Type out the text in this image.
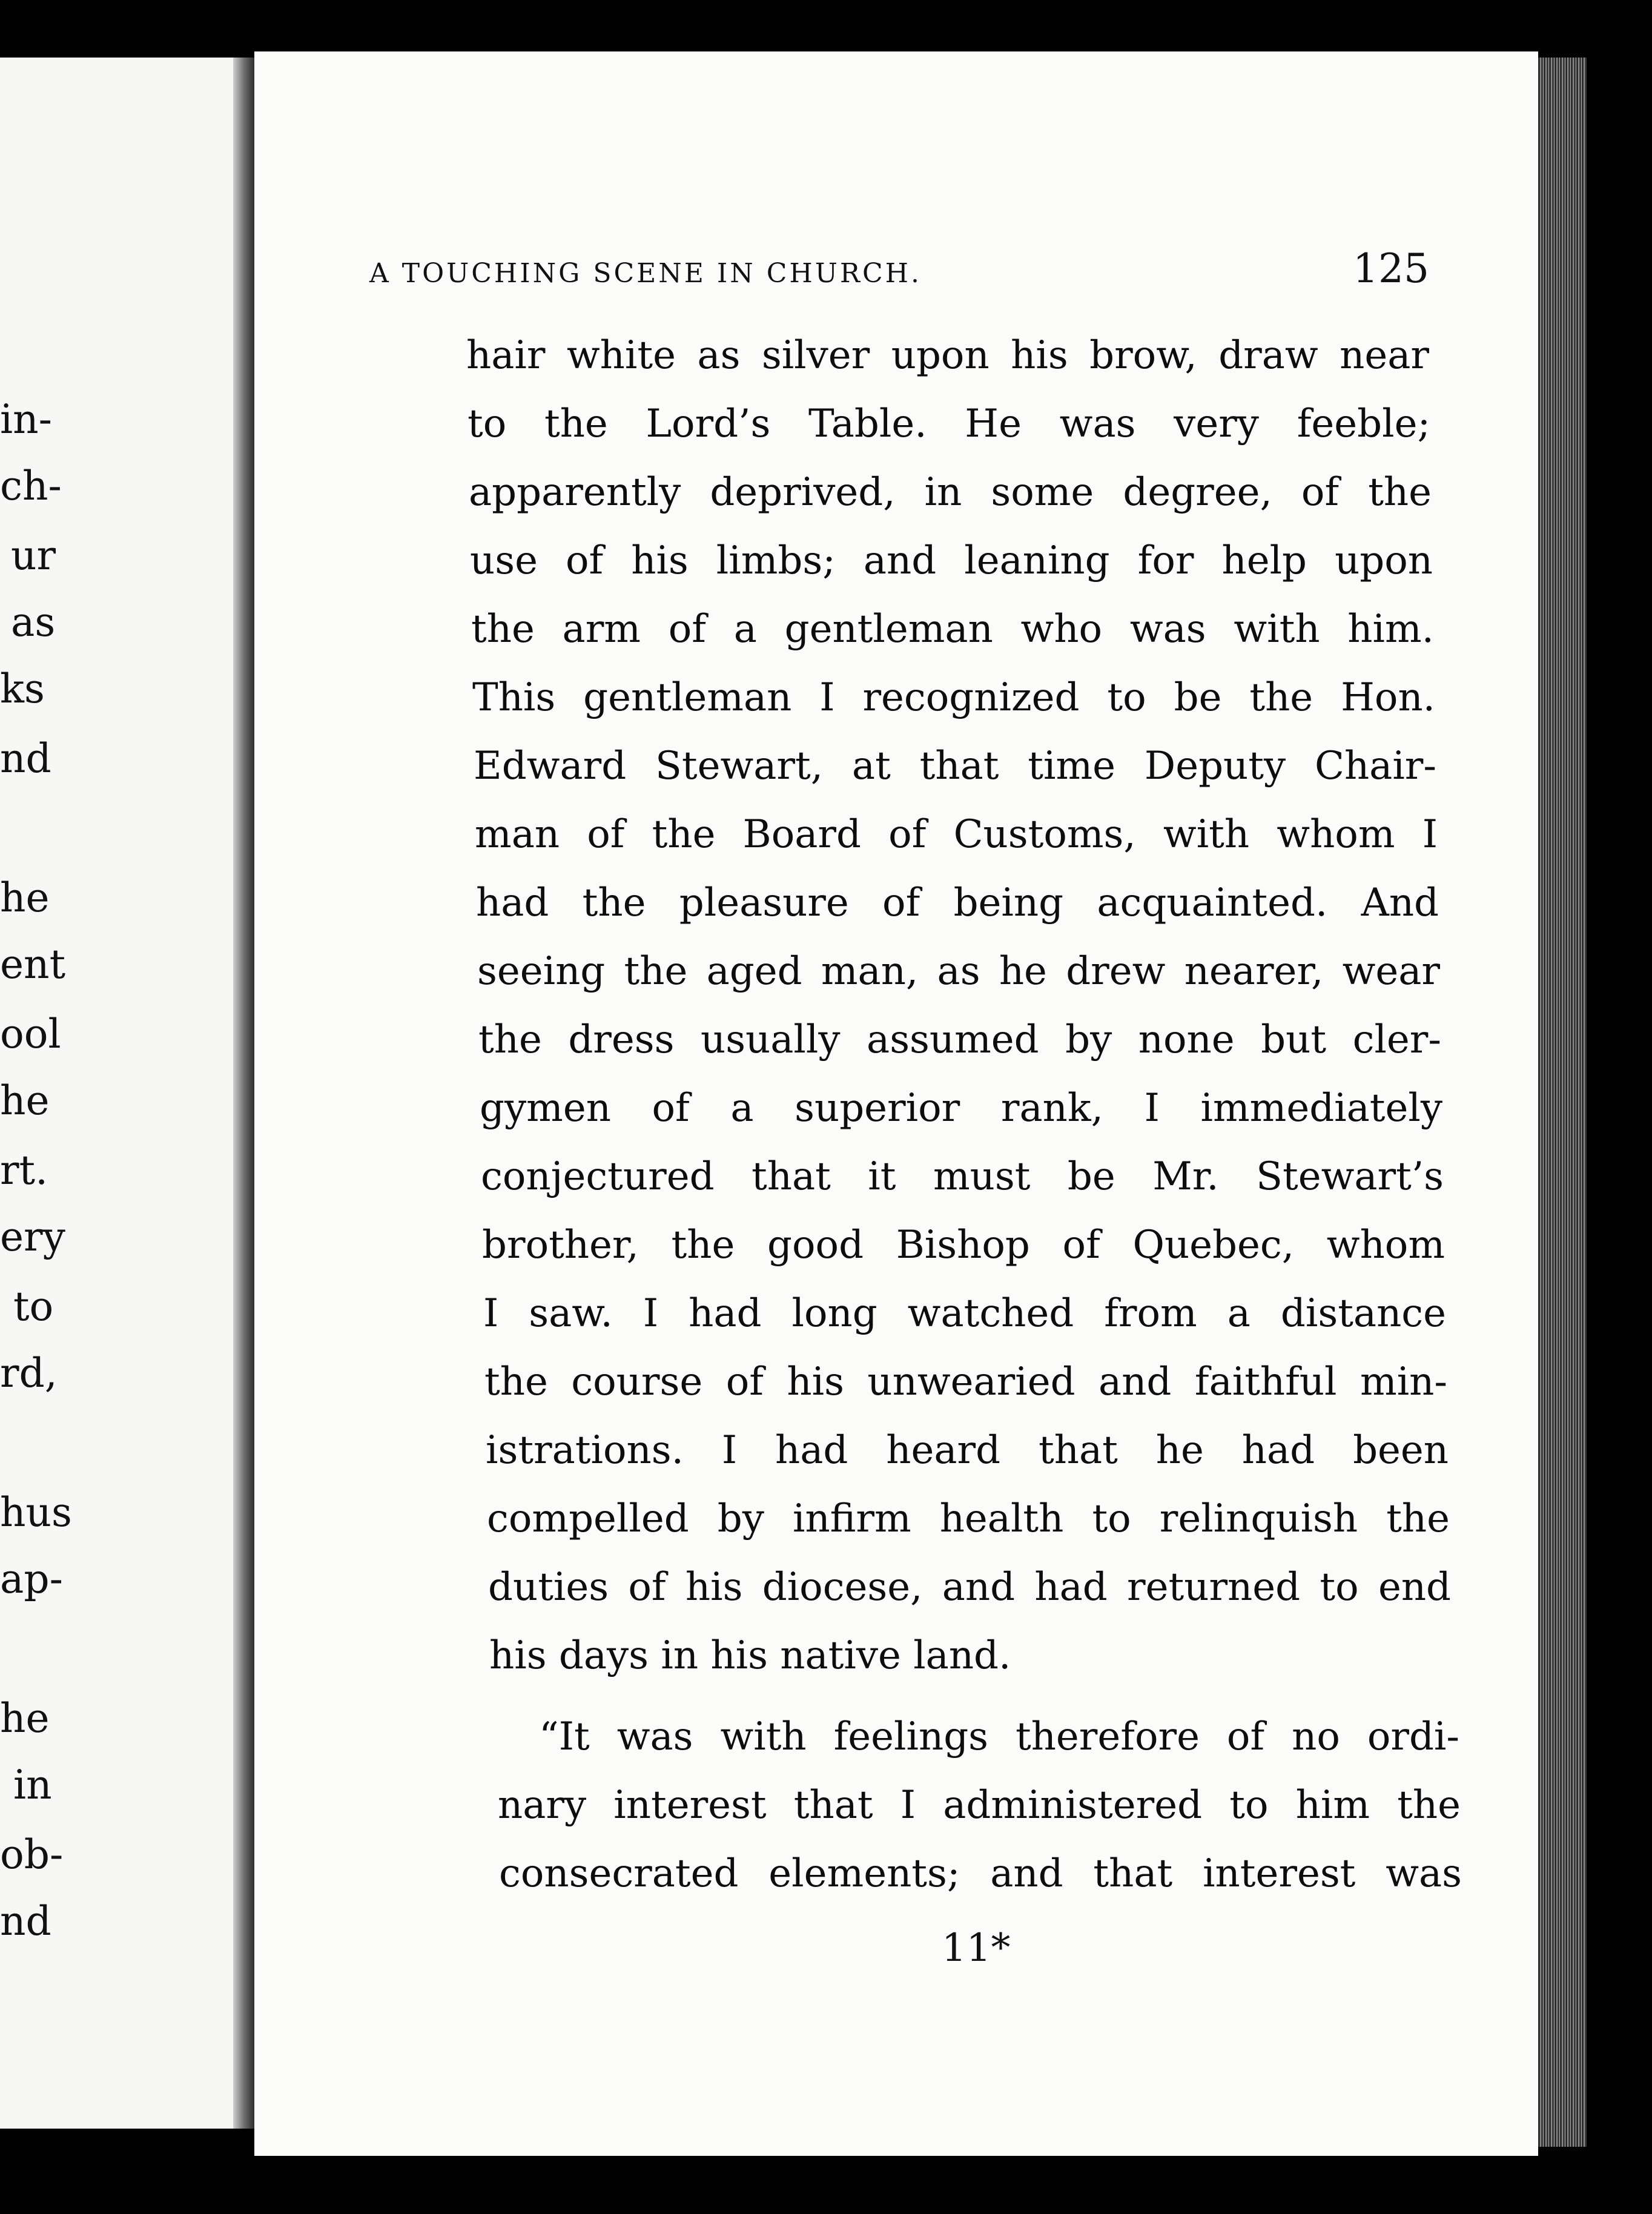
in-

ch-

ur

as

ks

nd

he

ent

ool

he

rt.

ery

to

rd,

hus

ap-

he

in

ob-

nd

A TOUCHING SCENE IN CHURCH.	125

hair white as silver upon his brow, draw near

to the Lord’s Table. He was very feeble;

apparently deprived, in some degree, of the

use of his limbs; and leaning for help upon

the arm of a gentleman who was with him.

This gentleman I recognized to be the Hon.

Edward Stewart, at that time Deputy Chair-

man of the Board of Customs, with whom I

had the pleasure of being acquainted. And

seeing the aged man, as he drew nearer, wear

the dress usually assumed by none but cler-

gymen of a superior rank, I immediately

conjectured that it must be Mr. Stewart’s

brother, the good Bishop of Quebec, whom

I saw. I had long watched from a distance

the course of his unwearied and faithful min-

istrations. I had heard that he had been

compelled by infirm health to relinquish the

duties of his diocese, and had returned to end

his days in his native land.

“It was with feelings therefore of no ordi-

nary interest that I administered to him the

consecrated elements; and that interest was

11*
